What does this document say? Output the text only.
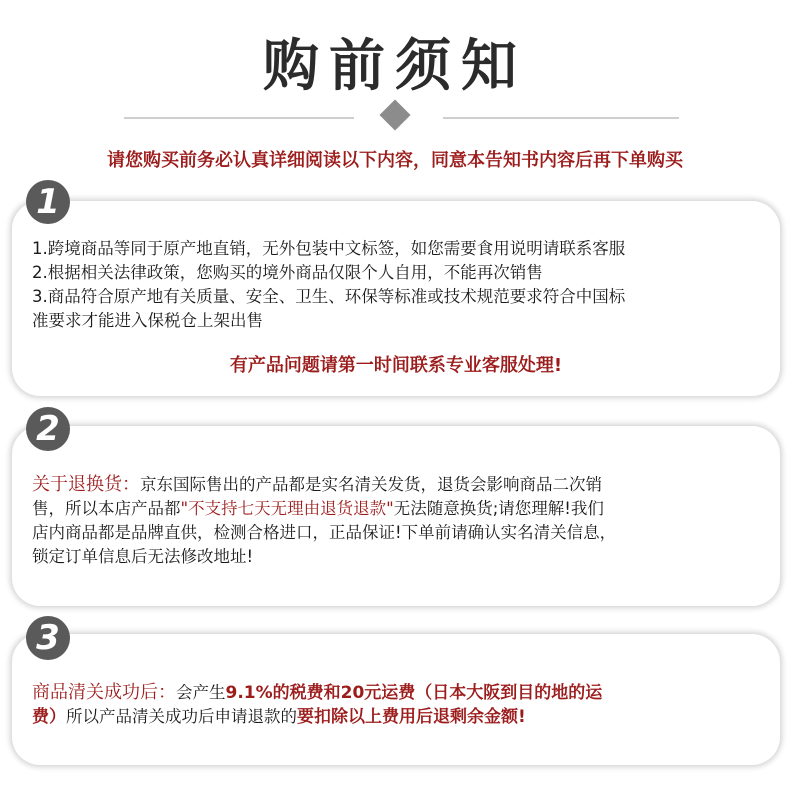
购前须知
请您购买前务必认真详细阅读以下内容，同意本告知书内容后再下单购买
1.跨境商品等同于原产地直销，无外包装中文标签，如您需要食用说明请联系客服
2.根据相关法律政策，您购买的境外商品仅限个人自用，不能再次销售
3.商品符合原产地有关质量、安全、卫生、环保等标准或技术规范要求符合中国标
准要求才能进入保税仓上架出售
有产品问题请第一时间联系专业客服处理!
1
关于退换货：京东国际售出的产品都是实名清关发货，退货会影响商品二次销
售，所以本店产品都"不支持七天无理由退货退款"无法随意换货;请您理解!我们
店内商品都是品牌直供，检测合格进口，正品保证!下单前请确认实名清关信息，
锁定订单信息后无法修改地址!
2
商品清关成功后：会产生9.1%的税费和20元运费（日本大阪到目的地的运
费）所以产品清关成功后申请退款的要扣除以上费用后退剩余金额!
3
